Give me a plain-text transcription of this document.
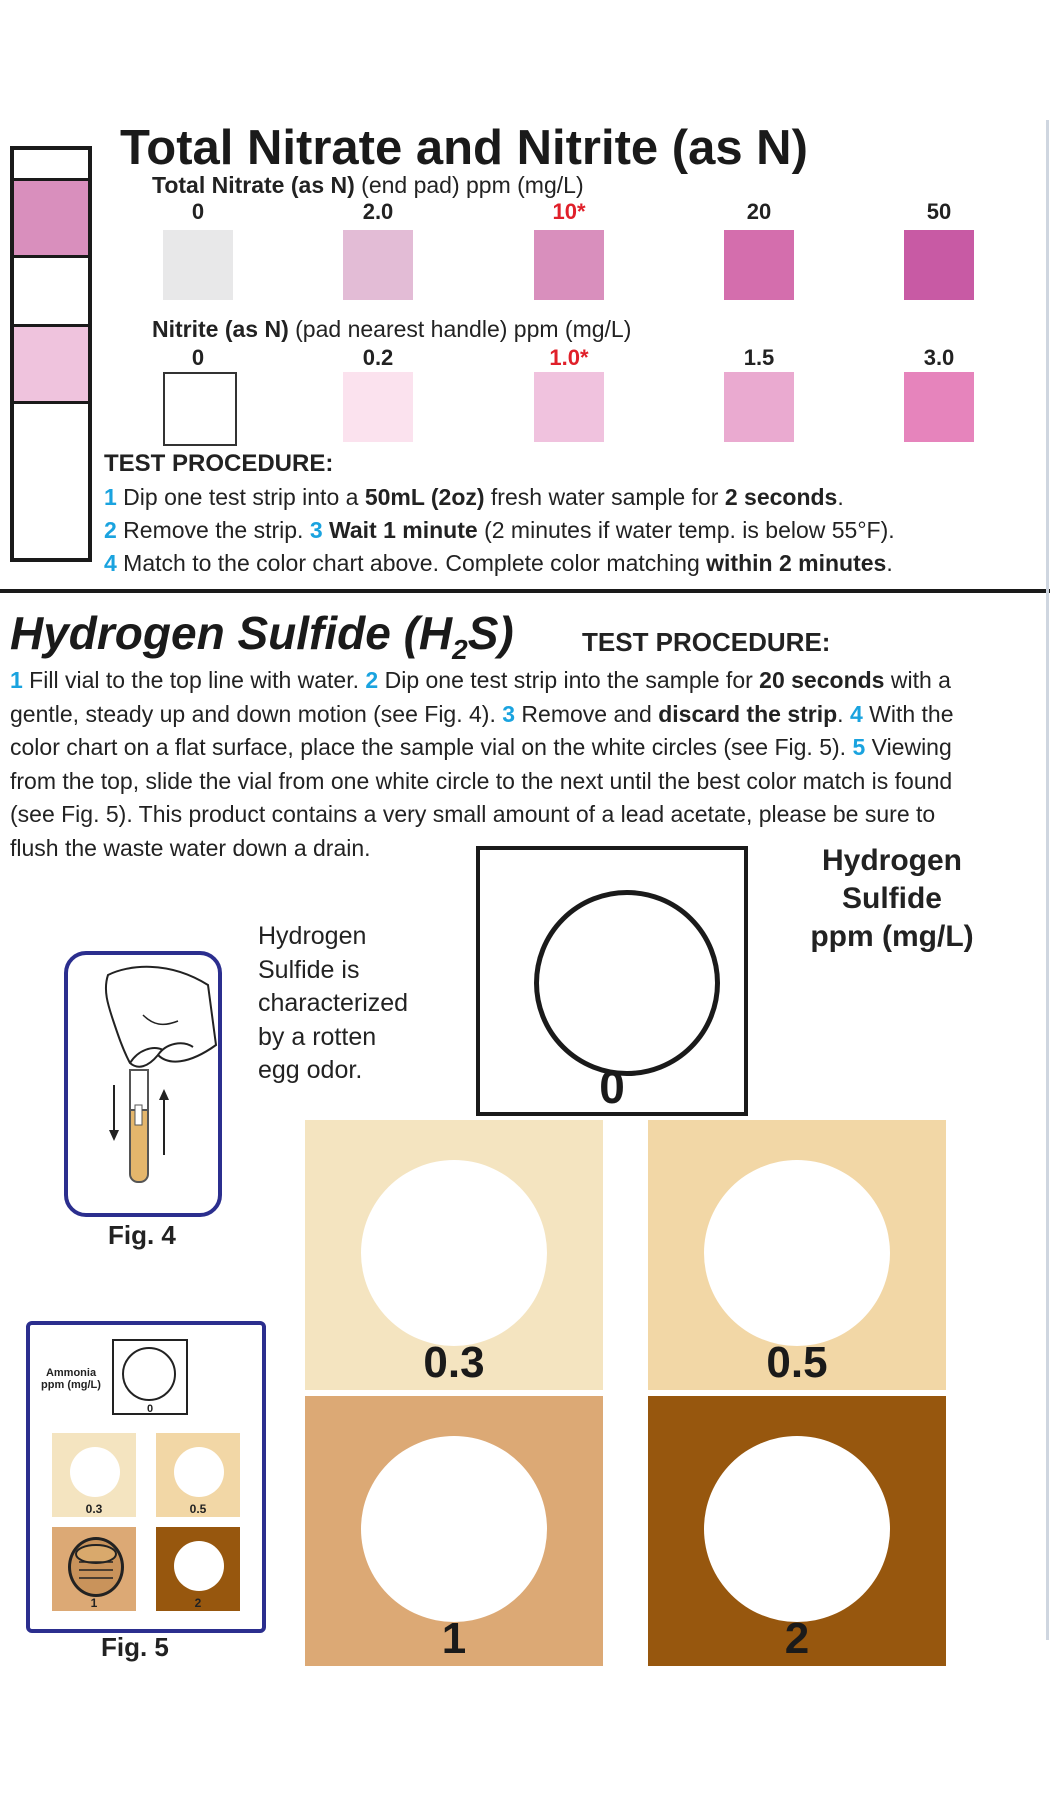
Total Nitrate and Nitrite (as N)
Total Nitrate (as N) (end pad) ppm (mg/L)
0	2.0	10*	20	50
Nitrite (as N) (pad nearest handle) ppm (mg/L)
0	0.2	1.0*	1.5	3.0
TEST PROCEDURE:
1 Dip one test strip into a 50mL (2oz) fresh water sample for 2 seconds.
2 Remove the strip. 3 Wait 1 minute (2 minutes if water temp. is below 55°F).
4 Match to the color chart above. Complete color matching within 2 minutes.
Hydrogen Sulfide $(H_2S)$	TEST PROCEDURE:
1 Fill vial to the top line with water. 2 Dip one test strip into the sample for 20 seconds with a
gentle, steady up and down motion (see Fig. 4). 3 Remove and discard the strip. 4 With the
color chart on a flat surface, place the sample vial on the white circles (see Fig. 5). 5 Viewing
from the top, slide the vial from one white circle to the next until the best color match is found
(see Fig. 5). This product contains a very small amount of a lead acetate, please be sure to
flush the waste water down a drain.	Hydrogen
Sulfide
ppm (mg/L)
Hydrogen
Sulfide is
characterized
by a rotten
egg odor.	0
0.3	0.5
1	2
Fig. 4
Ammonia
ppm (mg/L)
0
0.3	0.5
1	2
Fig. 5
